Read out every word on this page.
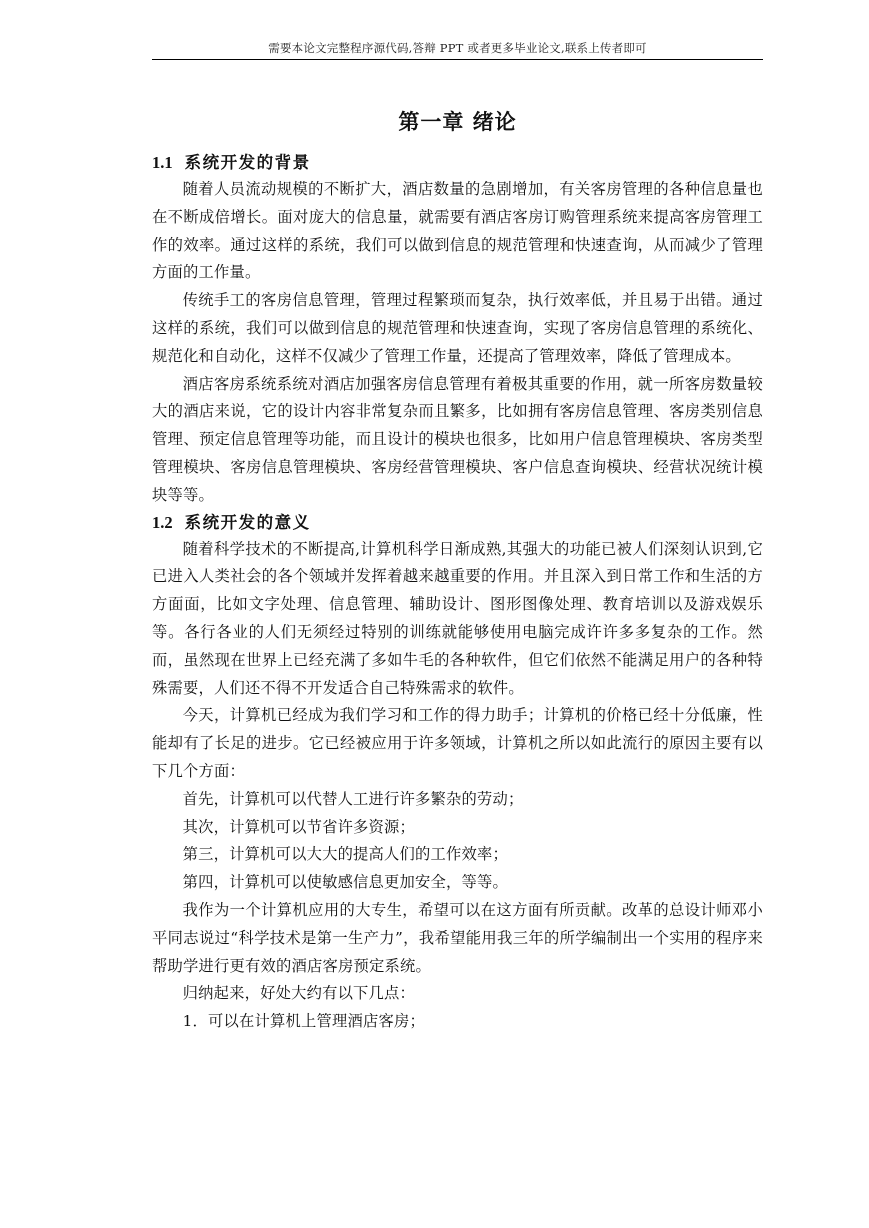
需要本论文完整程序源代码,答辩 PPT 或者更多毕业论文,联系上传者即可
第一章 绪论
1.1 系统开发的背景

随着人员流动规模的不断扩大，酒店数量的急剧增加，有关客房管理的各种信息量也在不断成倍增长。面对庞大的信息量，就需要有酒店客房订购管理系统来提高客房管理工作的效率。通过这样的系统，我们可以做到信息的规范管理和快速查询，从而减少了管理方面的工作量。

传统手工的客房信息管理，管理过程繁琐而复杂，执行效率低，并且易于出错。通过这样的系统，我们可以做到信息的规范管理和快速查询，实现了客房信息管理的系统化、规范化和自动化，这样不仅减少了管理工作量，还提高了管理效率，降低了管理成本。

酒店客房系统系统对酒店加强客房信息管理有着极其重要的作用，就一所客房数量较大的酒店来说，它的设计内容非常复杂而且繁多，比如拥有客房信息管理、客房类别信息管理、预定信息管理等功能，而且设计的模块也很多，比如用户信息管理模块、客房类型管理模块、客房信息管理模块、客房经营管理模块、客户信息查询模块、经营状况统计模块等等。

1.2 系统开发的意义

随着科学技术的不断提高,计算机科学日渐成熟,其强大的功能已被人们深刻认识到,它已进入人类社会的各个领域并发挥着越来越重要的作用。并且深入到日常工作和生活的方方面面，比如文字处理、信息管理、辅助设计、图形图像处理、教育培训以及游戏娱乐等。各行各业的人们无须经过特别的训练就能够使用电脑完成许许多多复杂的工作。然而，虽然现在世界上已经充满了多如牛毛的各种软件，但它们依然不能满足用户的各种特殊需要，人们还不得不开发适合自己特殊需求的软件。

今天，计算机已经成为我们学习和工作的得力助手；计算机的价格已经十分低廉，性能却有了长足的进步。它已经被应用于许多领域，计算机之所以如此流行的原因主要有以下几个方面：

首先，计算机可以代替人工进行许多繁杂的劳动；

其次，计算机可以节省许多资源；

第三，计算机可以大大的提高人们的工作效率；

第四，计算机可以使敏感信息更加安全，等等。

我作为一个计算机应用的大专生，希望可以在这方面有所贡献。改革的总设计师邓小平同志说过“科学技术是第一生产力”，我希望能用我三年的所学编制出一个实用的程序来帮助学进行更有效的酒店客房预定系统。

归纳起来，好处大约有以下几点：

1．可以在计算机上管理酒店客房；
